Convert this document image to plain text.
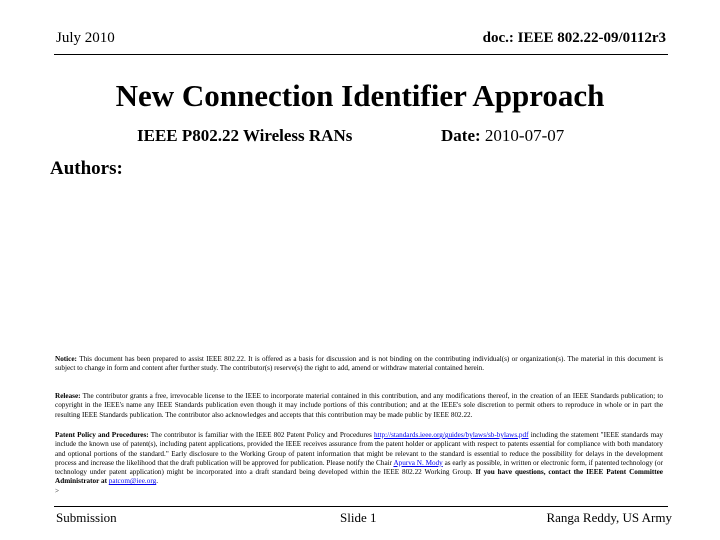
July 2010	doc.: IEEE 802.22-09/0112r3
New Connection Identifier Approach
IEEE P802.22 Wireless RANs	Date: 2010-07-07
Authors:
Notice: This document has been prepared to assist IEEE 802.22. It is offered as a basis for discussion and is not binding on the contributing individual(s) or organization(s). The material in this document is subject to change in form and content after further study. The contributor(s) reserve(s) the right to add, amend or withdraw material contained herein.
Release: The contributor grants a free, irrevocable license to the IEEE to incorporate material contained in this contribution, and any modifications thereof, in the creation of an IEEE Standards publication; to copyright in the IEEE's name any IEEE Standards publication even though it may include portions of this contribution; and at the IEEE's sole discretion to permit others to reproduce in whole or in part the resulting IEEE Standards publication. The contributor also acknowledges and accepts that this contribution may be made public by IEEE 802.22.
Patent Policy and Procedures: The contributor is familiar with the IEEE 802 Patent Policy and Procedures http://standards.ieee.org/guides/bylaws/sb-bylaws.pdf including the statement "IEEE standards may include the known use of patent(s), including patent applications, provided the IEEE receives assurance from the patent holder or applicant with respect to patents essential for compliance with both mandatory and optional portions of the standard." Early disclosure to the Working Group of patent information that might be relevant to the standard is essential to reduce the possibility for delays in the development process and increase the likelihood that the draft publication will be approved for publication. Please notify the Chair Apurva N. Mody as early as possible, in written or electronic form, if patented technology (or technology under patent application) might be incorporated into a draft standard being developed within the IEEE 802.22 Working Group. If you have questions, contact the IEEE Patent Committee Administrator at patcom@iee.org.
>
Submission	Slide 1	Ranga Reddy, US Army
